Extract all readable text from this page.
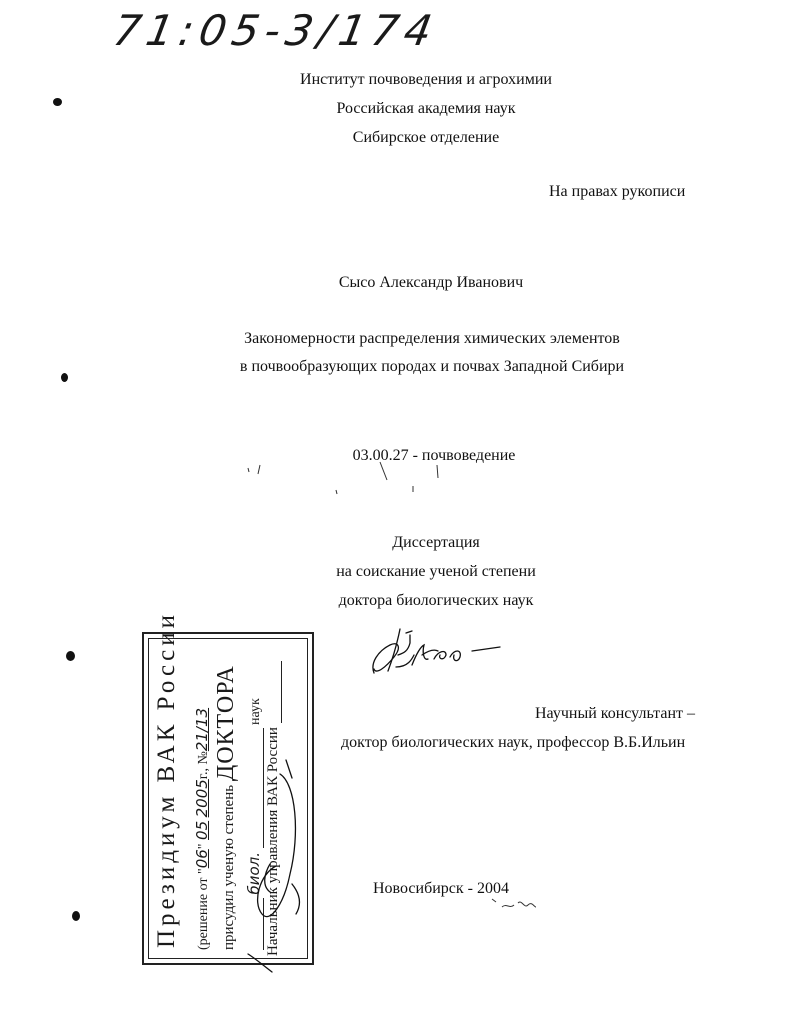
71:05-3/174
Институт почвоведения и агрохимии
Российская академия наук
Сибирское отделение
На правах рукописи
Сысо Александр Иванович
Закономерности распределения химических элементов
в почвообразующих породах и почвах Западной Сибири
03.00.27 - почвоведение
Диссертация
на соискание ученой степени
доктора биологических наук
Научный консультант –
доктор биологических наук, профессор В.Б.Ильин
Новосибирск - 2004
Президиум ВАК России (решение от "06" 05 2005г., №21/13
присудил ученую степень ДОКТОРА
биол.  наук
Начальник управления ВАК России
